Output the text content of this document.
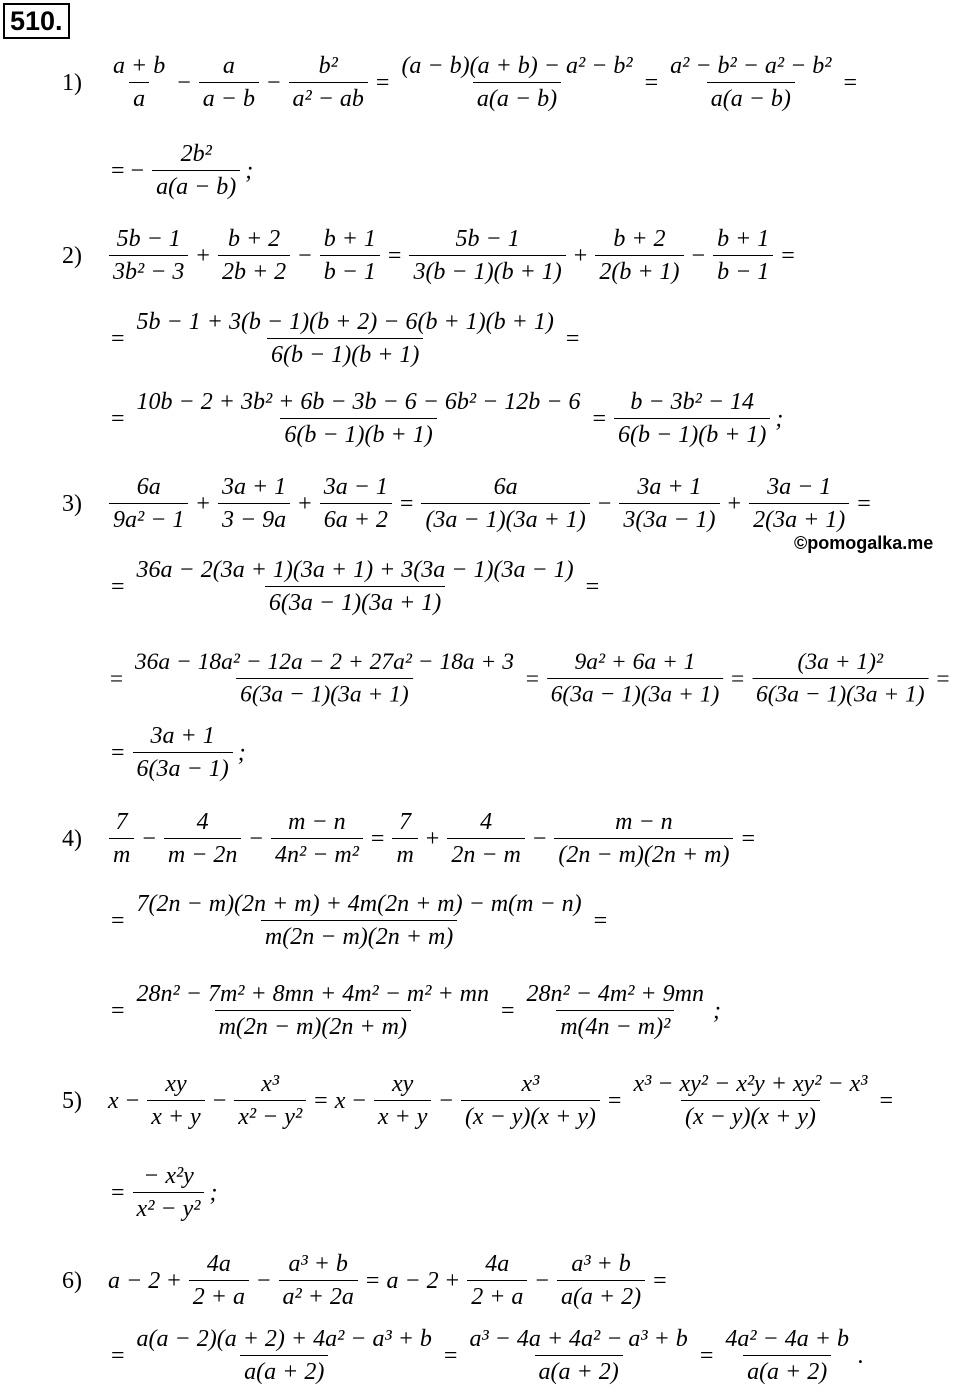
510.
©pomogalka.me
1)	$\frac{a + b}{a} - \frac{a}{a - b} - \frac{\text{b²}}{\text{a² − ab}} = \frac{\text{(a − b)(a + b) − a² − b²}}{a(a - b)} = \frac{\text{a² − b² − a² − b²}}{a(a - b)}$ =
= − $\frac{\text{2b²}}{a(a - b)}$ ;
2)	$\frac{5b - 1}{\text{3b² − 3}} + \frac{b + 2}{2b + 2} - \frac{b + 1}{b - 1} = \frac{5b - 1}{3(b - 1)(b + 1)} + \frac{b + 2}{2(b + 1)} - \frac{b + 1}{b - 1}$ =
= $\frac{5b - 1 + 3(b - 1)(b + 2) - 6(b + 1)(b + 1)}{6(b - 1)(b + 1)}$ =
= $\frac{\text{10b − 2 + 3b² + 6b − 3b − 6 − 6b² − 12b − 6}}{6(b - 1)(b + 1)} = \frac{\text{b − 3b² − 14}}{6(b - 1)(b + 1)}$ ;
3)	$\frac{6a}{\text{9a² − 1}} + \frac{3a + 1}{3 - 9a} + \frac{3a - 1}{6a + 2} = \frac{6a}{(3a - 1)(3a + 1)} - \frac{3a + 1}{3(3a - 1)} + \frac{3a - 1}{2(3a + 1)}$ =
= $\frac{36a - 2(3a + 1)(3a + 1) + 3(3a - 1)(3a - 1)}{6(3a - 1)(3a + 1)}$ =
= $\frac{\text{36a − 18a² − 12a − 2 + 27a² − 18a + 3}}{6(3a - 1)(3a + 1)} = \frac{\text{9a² + 6a + 1}}{6(3a - 1)(3a + 1)} = \frac{\text{(3a + 1)²}}{6(3a - 1)(3a + 1)}$ =
= $\frac{3a + 1}{6(3a - 1)}$ ;
4)	$\frac{7}{m} - \frac{4}{m - 2n} - \frac{m - n}{\text{4n² − m²}} = \frac{7}{m} + \frac{4}{2n - m} - \frac{m - n}{(2n - m)(2n + m)}$ =
= $\frac{7(2n - m)(2n + m) + 4m(2n + m) - m(m - n)}{m(2n - m)(2n + m)}$ =
= $\frac{\text{28n² − 7m² + 8mn + 4m² − m² + mn}}{m(2n - m)(2n + m)} = \frac{\text{28n² − 4m² + 9mn}}{\text{m(4n − m)²}}$ ;
5)	$x - \frac{xy}{x + y} - \frac{\text{x³}}{\text{x² − y²}} = x - \frac{xy}{x + y} - \frac{\text{x³}}{(x - y)(x + y)} = \frac{\text{x³ − xy² − x²y + xy² − x³}}{(x - y)(x + y)}$ =
= $\frac{\text{− x²y}}{\text{x² − y²}}$ ;
6)	$a - 2 + \frac{4a}{2 + a} - \frac{\text{a³ + b}}{\text{a² + 2a}} = a - 2 + \frac{4a}{2 + a} - \frac{\text{a³ + b}}{a(a + 2)}$ =
= $\frac{\text{a(a − 2)(a + 2) + 4a² − a³ + b}}{a(a + 2)} = \frac{\text{a³ − 4a + 4a² − a³ + b}}{a(a + 2)} = \frac{\text{4a² − 4a + b}}{a(a + 2)}$ .
